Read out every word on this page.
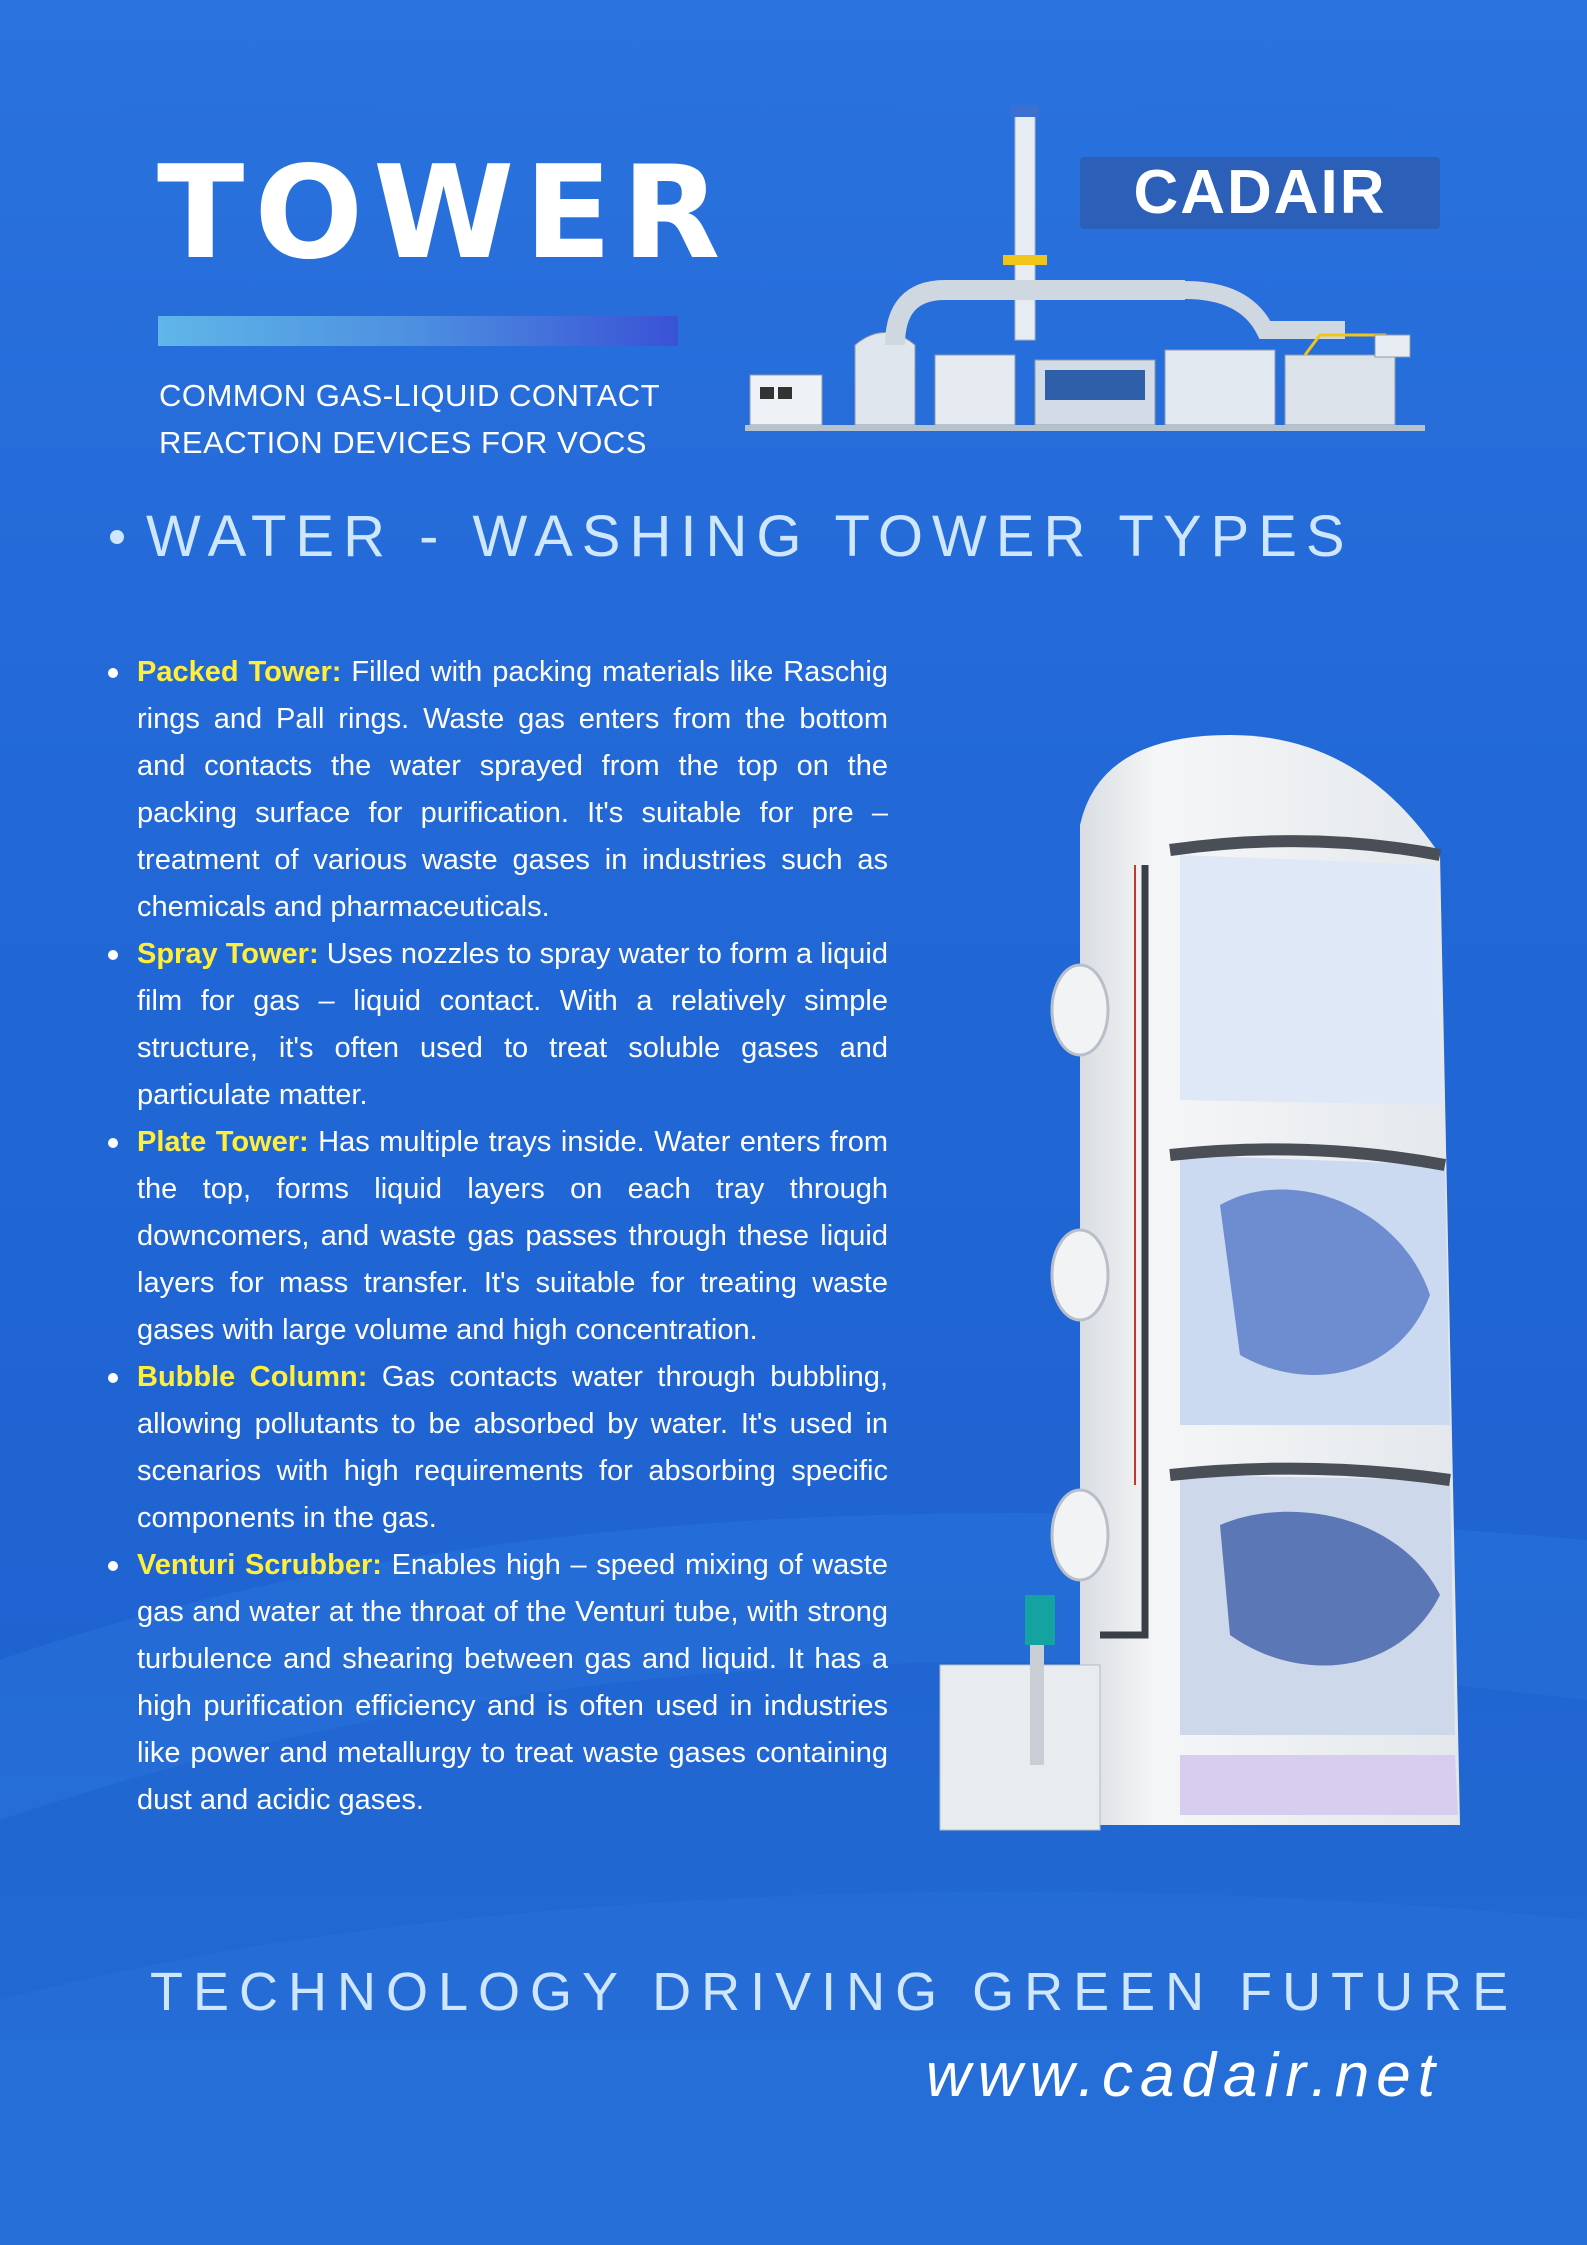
TOWER
COMMON GAS-LIQUID CONTACT
REACTION DEVICES FOR VOCS
CADAIR
WATER - WASHING TOWER TYPES
Packed Tower: Filled with packing materials like Raschig rings and Pall rings. Waste gas enters from the bottom and contacts the water sprayed from the top on the packing surface for purification. It's suitable for pre – treatment of various waste gases in industries such as chemicals and pharmaceuticals.
Spray Tower: Uses nozzles to spray water to form a liquid film for gas – liquid contact. With a relatively simple structure, it's often used to treat soluble gases and particulate matter.
Plate Tower: Has multiple trays inside. Water enters from the top, forms liquid layers on each tray through downcomers, and waste gas passes through these liquid layers for mass transfer. It's suitable for treating waste gases with large volume and high concentration.
Bubble Column: Gas contacts water through bubbling, allowing pollutants to be absorbed by water. It's used in scenarios with high requirements for absorbing specific components in the gas.
Venturi Scrubber: Enables high – speed mixing of waste gas and water at the throat of the Venturi tube, with strong turbulence and shearing between gas and liquid. It has a high purification efficiency and is often used in industries like power and metallurgy to treat waste gases containing dust and acidic gases.
TECHNOLOGY DRIVING GREEN FUTURE
www.cadair.net
